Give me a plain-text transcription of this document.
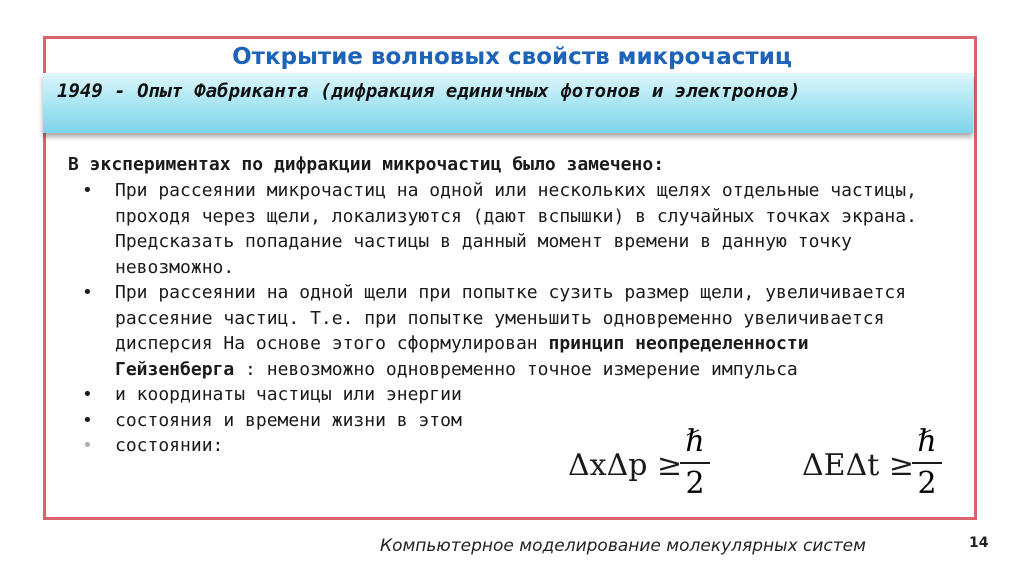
Открытие волновых свойств микрочастиц
1949 - Опыт Фабриканта (дифракция единичных фотонов и электронов)
В экспериментах по дифракции микрочастиц было замечено:
• При рассеянии микрочастиц на одной или нескольких щелях отдельные частицы, проходя через щели, локализуются (дают вспышки) в случайных точках экрана. Предсказать попадание частицы в данный момент времени в данную точку невозможно.
• При рассеянии на одной щели при попытке сузить размер щели, увеличивается рассеяние частиц. Т.е. при попытке уменьшить одновременно увеличивается дисперсия На основе этого сформулирован принцип неопределенности Гейзенберга : невозможно одновременно точное измерение импульса
• и координаты частицы или энергии
• состояния и времени жизни в этом
• состоянии:
ΔxΔp ≥
ℏ
2
ΔEΔt ≥
ℏ
2
Компьютерное моделирование молекулярных систем	14
